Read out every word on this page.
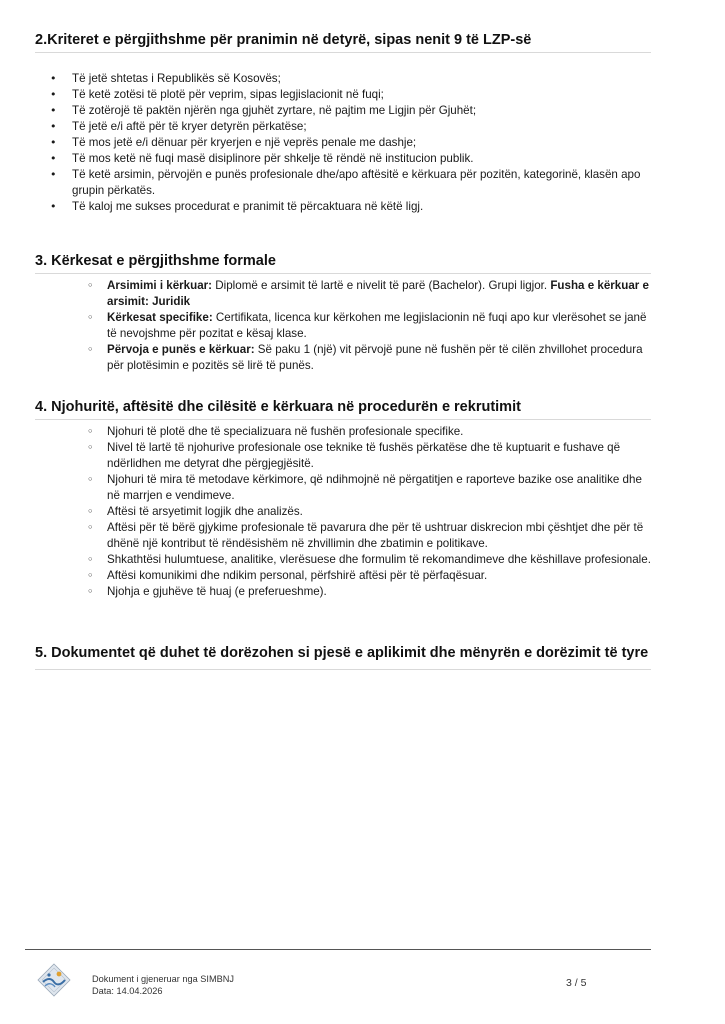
2.Kriteret e përgjithshme për pranimin në detyrë, sipas nenit 9 të LZP-së
• Të jetë shtetas i Republikës së Kosovës;
• Të ketë zotësi të plotë për veprim, sipas legjislacionit në fuqi;
• Të zotërojë të paktën njërën nga gjuhët zyrtare, në pajtim me Ligjin për Gjuhët;
• Të jetë e/i aftë për të kryer detyrën përkatëse;
• Të mos jetë e/i dënuar për kryerjen e një veprës penale me dashje;
• Të mos ketë në fuqi masë disiplinore për shkelje të rëndë në institucion publik.
• Të ketë arsimin, përvojën e punës profesionale dhe/apo aftësitë e kërkuara për pozitën, kategorinë, klasën apo grupin përkatës.
• Të kaloj me sukses procedurat e pranimit të përcaktuara në këtë ligj.
3. Kërkesat e përgjithshme formale
◦ Arsimimi i kërkuar: Diplomë e arsimit të lartë e nivelit të parë (Bachelor). Grupi ligjor. Fusha e kërkuar e arsimit: Juridik
◦ Kërkesat specifike: Certifikata, licenca kur kërkohen me legjislacionin në fuqi apo kur vlerësohet se janë të nevojshme për pozitat e kësaj klase.
◦ Përvoja e punës e kërkuar: Së paku 1 (një) vit përvojë pune në fushën për të cilën zhvillohet procedura për plotësimin e pozitës së lirë të punës.
4. Njohuritë, aftësitë dhe cilësitë e kërkuara në procedurën e rekrutimit
◦ Njohuri të plotë dhe të specializuara në fushën profesionale specifike.
◦ Nivel të lartë të njohurive profesionale ose teknike të fushës përkatëse dhe të kuptuarit e fushave që ndërlidhen me detyrat dhe përgjegjësitë.
◦ Njohuri të mira të metodave kërkimore, që ndihmojnë në përgatitjen e raporteve bazike ose analitike dhe në marrjen e vendimeve.
◦ Aftësi të arsyetimit logjik dhe analizës.
◦ Aftësi për të bërë gjykime profesionale të pavarura dhe për të ushtruar diskrecion mbi çështjet dhe për të dhënë një kontribut të rëndësishëm në zhvillimin dhe zbatimin e politikave.
◦ Shkathtësi hulumtuese, analitike, vlerësuese dhe formulim të rekomandimeve dhe këshillave profesionale.
◦ Aftësi komunikimi dhe ndikim personal, përfshirë aftësi për të përfaqësuar.
◦ Njohja e gjuhëve të huaj (e preferueshme).
5. Dokumentet që duhet të dorëzohen si pjesë e aplikimit dhe mënyrën e dorëzimit të tyre
Dokument i gjeneruar nga SIMBNJ
Data: 14.04.2026
3 / 5
